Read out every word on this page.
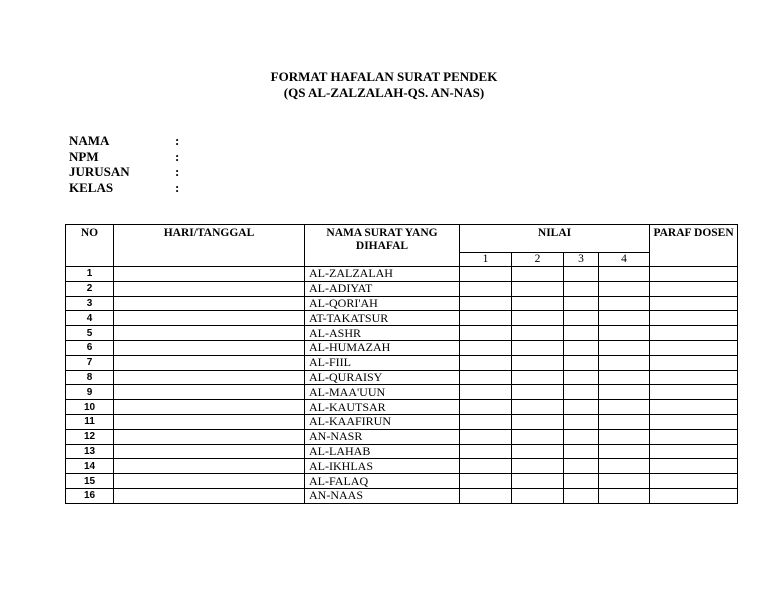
FORMAT HAFALAN SURAT PENDEK
(QS AL-ZALZALAH-QS. AN-NAS)
NAMA	:
NPM	:
JURUSAN	:
KELAS	:
NO	HARI/TANGGAL	NAMA SURAT YANG DIHAFAL	NILAI				PARAF DOSEN
			1	2	3	4	
1		AL-ZALZALAH					
2		AL-ADIYAT					
3		AL-QORI'AH					
4		AT-TAKATSUR					
5		AL-ASHR					
6		AL-HUMAZAH					
7		AL-FIIL					
8		AL-QURAISY					
9		AL-MAA'UUN					
10		AL-KAUTSAR					
11		AL-KAAFIRUN					
12		AN-NASR					
13		AL-LAHAB					
14		AL-IKHLAS					
15		AL-FALAQ					
16		AN-NAAS					
